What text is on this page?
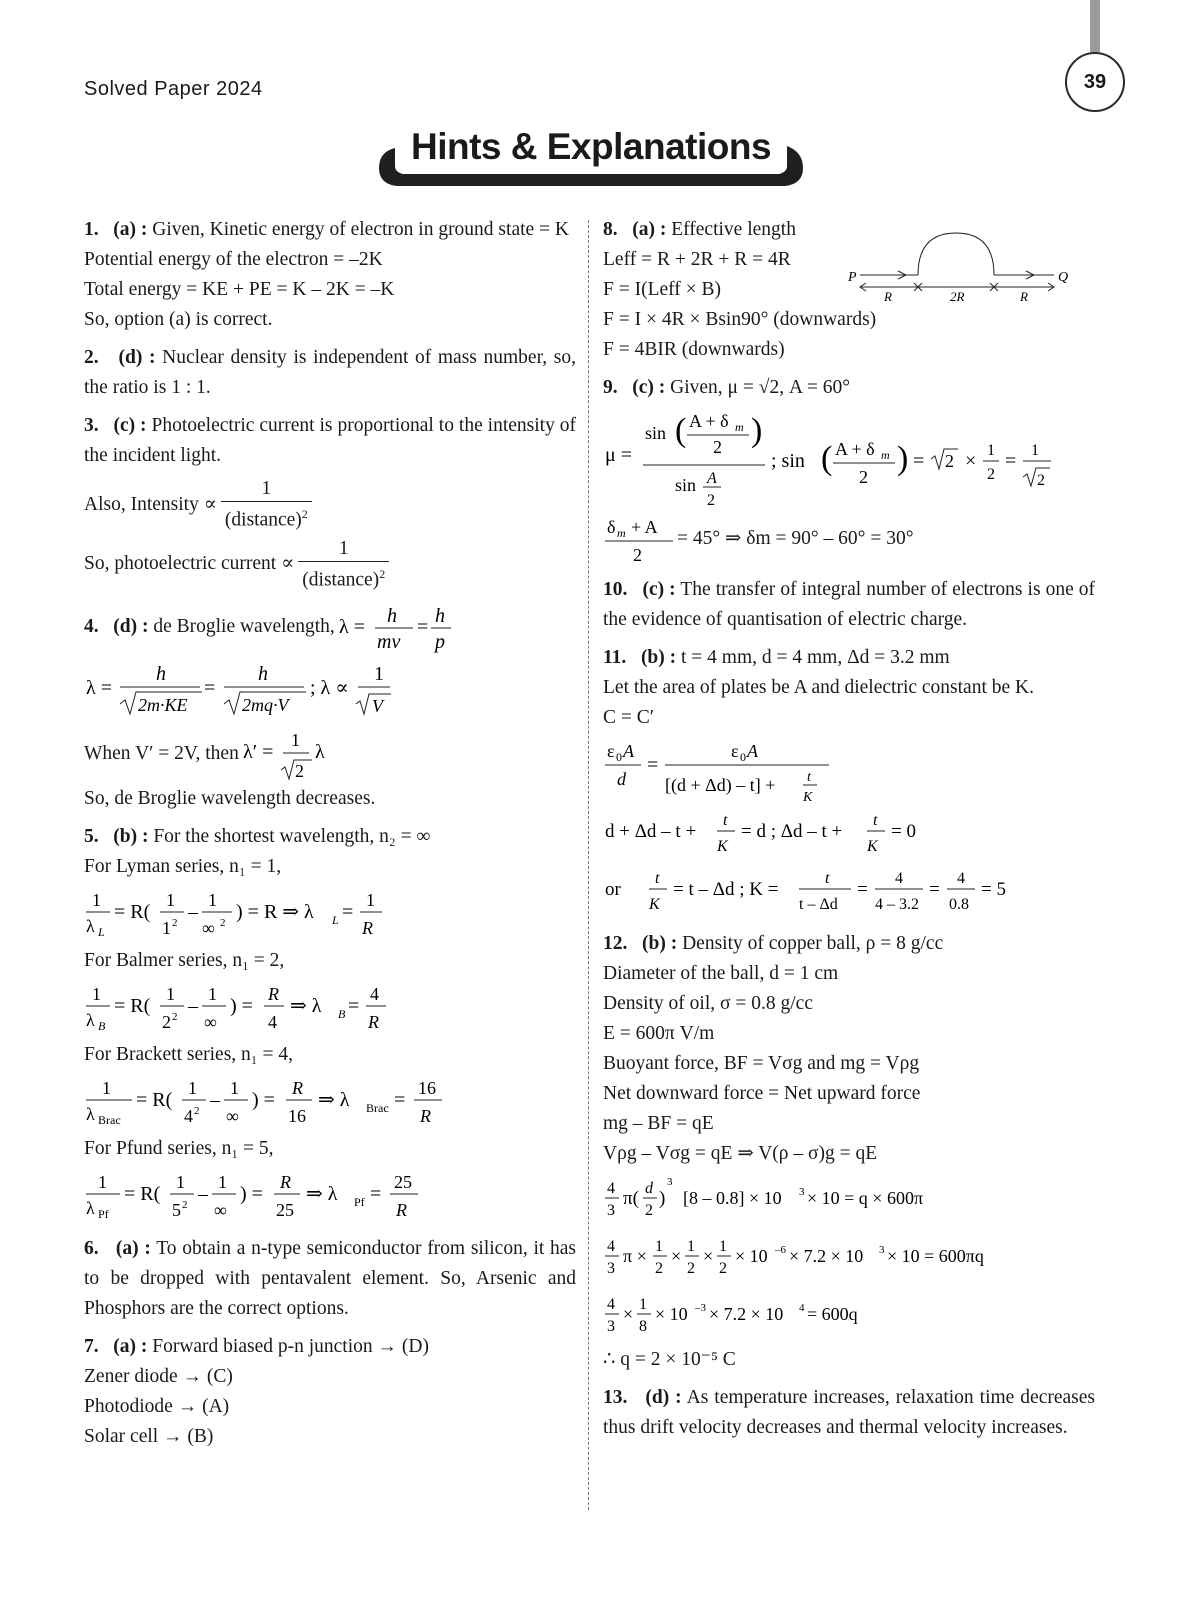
39
Solved Paper 2024
Hints & Explanations

1. (a) : Given, Kinetic energy of electron in ground state = K

Potential energy of the electron = –2K

Total energy = KE + PE = K – 2K = –K

So, option (a) is correct.

2. (d) : Nuclear density is independent of mass number, so, the ratio is 1 : 1.

3. (c) : Photoelectric current is proportional to the intensity of the incident light.

Also, Intensity ∝
1
(distance)$^2$
So, photoelectric current ∝
1
(distance)$^2$
4. (d) : de Broglie wavelength, λ = h
mv
= h
p
λ =
h
2m·KE
=
h
2mq·V
; λ ∝
1
V
When V′ = 2V, then λ′ =
1
2
λ

So, de Broglie wavelength decreases.

5. (b) : For the shortest wavelength, n₂ = ∞

For Lyman series, n₁ = 1,

1
λ L
= R(
1
1 2 –
1
∞ 2 ) = R ⇒ λ L =
1
R

For Balmer series, n₁ = 2,

1
λ B
= R(
1
2 2 –
1
∞
) =
R
4
⇒ λ B =
4
R

For Brackett series, n₁ = 4,

1
λ Brac
= R(
1
4 2 –
1
∞
) =
R
16
⇒ λ Brac =
16
R

For Pfund series, n₁ = 5,

1
λ Pf
= R(
1
5 2 –
1
∞
) =
R
25
⇒ λ Pf =
25
R

6. (a) : To obtain a n-type semiconductor from silicon, it has to be dropped with pentavalent element. So, Arsenic and Phosphors are the correct options.

7. (a) : Forward biased p-n junction → (D)

Zener diode → (C)

Photodiode → (A)

Solar cell → (B)

8. (a) : Effective length

Leff = R + 2R + R = 4R

F = I(Leff × B)

F = I × 4R × Bsin90° (downwards)

F = 4BIR (downwards)

P	Q
R	2R	R

9. (c) : Given, μ = √2, A = 60°

μ =
sin ( A + δ m
2 )
sin A
2
; sin ( A + δ m
2 ) = 2 × 1
2
= 1
2
δ m + A
2
= 45° ⇒ δm = 90° – 60° = 30°

10. (c) : The transfer of integral number of electrons is one of the evidence of quantisation of electric charge.

11. (b) : t = 4 mm, d = 4 mm, Δd = 3.2 mm

Let the area of plates be A and dielectric constant be K.

C = C′

ε 0 A
d
=
ε 0 A
[(d + Δd) – t] + t
K
d + Δd – t +
t
K
= d ; Δd – t +
t
K
= 0
or
t
K
= t – Δd ; K =
t
t – Δd
=
4
4 – 3.2
=
4
0.8
= 5

12. (b) : Density of copper ball, ρ = 8 g/cc

Diameter of the ball, d = 1 cm

Density of oil, σ = 0.8 g/cc

E = 600π V/m

Buoyant force, BF = Vσg and mg = Vρg

Net downward force = Net upward force

mg – BF = qE

Vρg – Vσg = qE ⇒ V(ρ – σ)g = qE

4
3
π( d
2
)
3
[8 – 0.8] × 10 3 × 10 = q × 600π
4
3
π × 1
2
× 1
2
× 1
2
× 10 –6 × 7.2 × 10 3 × 10 = 600πq
4
3
× 1
8
× 10 –3 × 7.2 × 10 4 = 600q

∴ q = 2 × 10⁻⁵ C

13. (d) : As temperature increases, relaxation time decreases thus drift velocity decreases and thermal velocity increases.
